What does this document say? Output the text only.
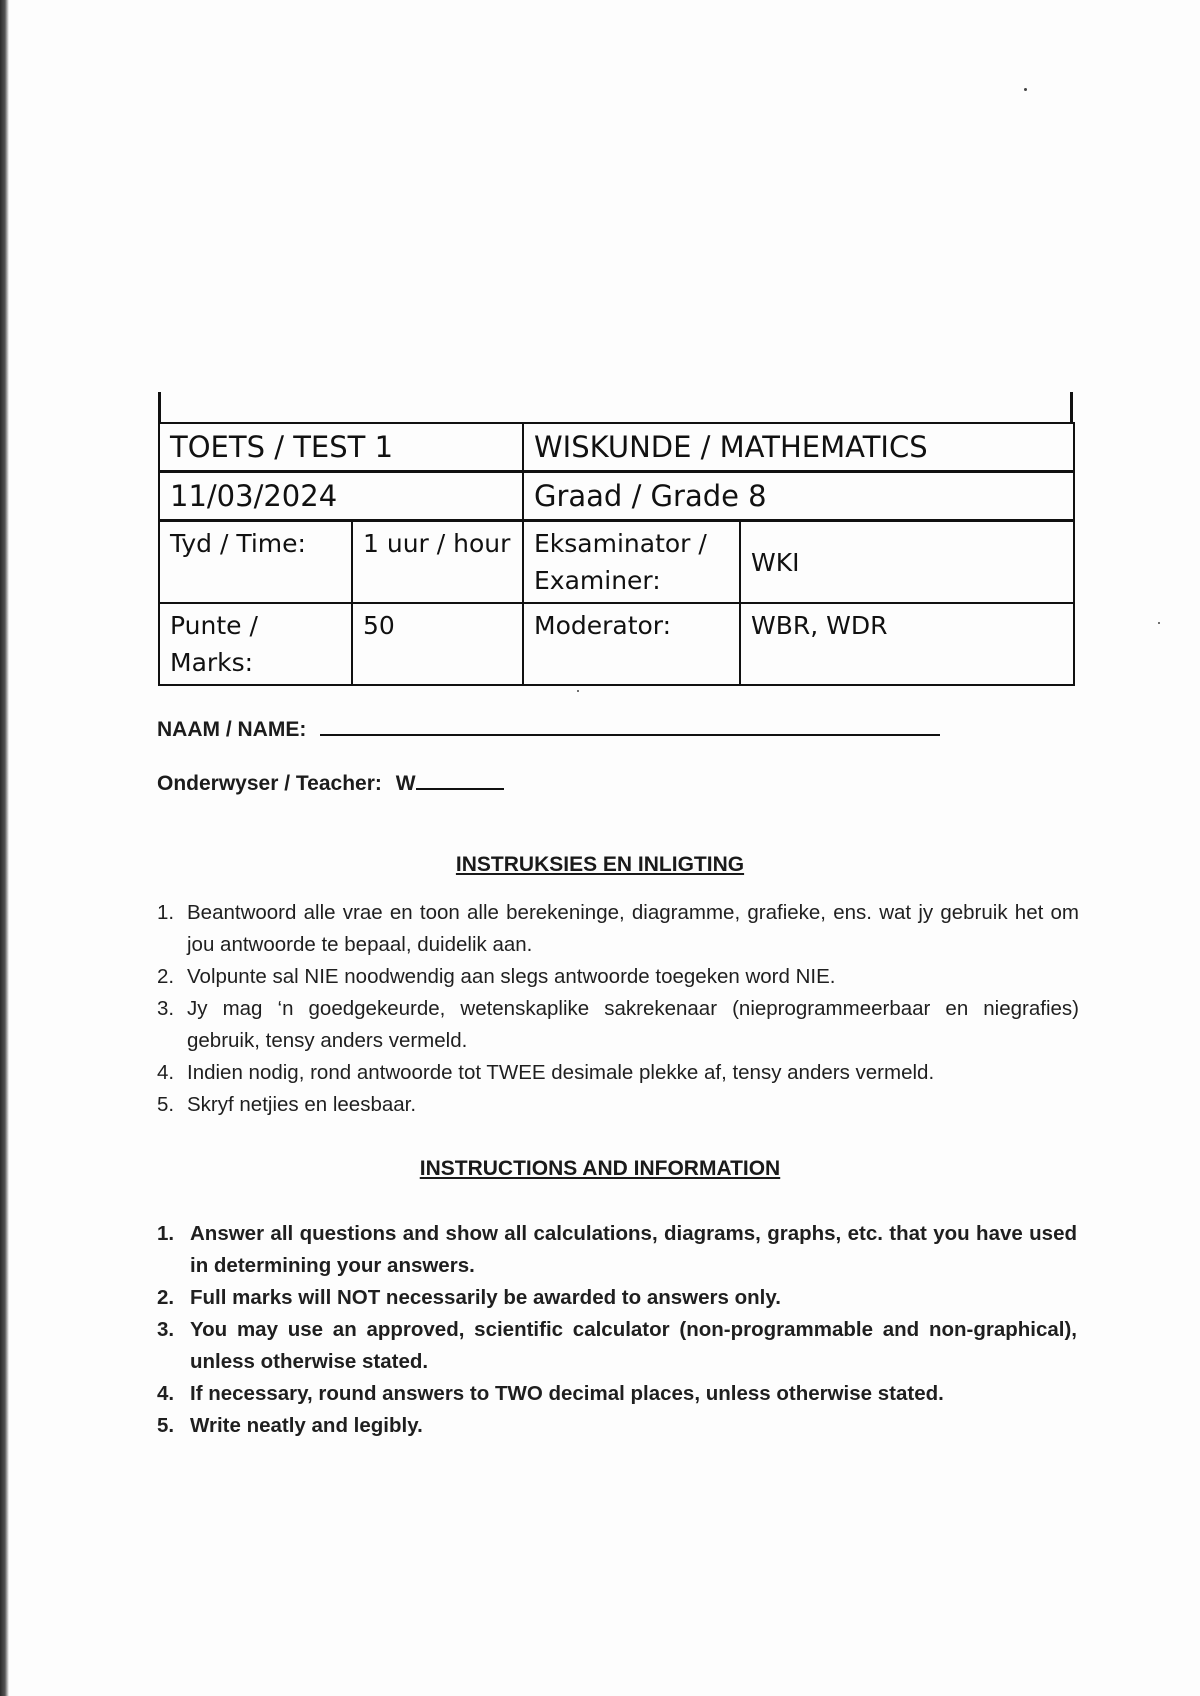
TOETS / TEST 1		WISKUNDE / MATHEMATICS	
11/03/2024		Graad / Grade 8	
Tyd / Time:	1 uur / hour	Eksaminator / Examiner:	WKI
Punte / Marks:	50	Moderator:	WBR, WDR
NAAM / NAME:
Onderwyser / Teacher: W
INSTRUKSIES EN INLIGTING
1. Beantwoord alle vrae en toon alle berekeninge, diagramme, grafieke, ens. wat jy gebruik het om jou antwoorde te bepaal, duidelik aan.
2. Volpunte sal NIE noodwendig aan slegs antwoorde toegeken word NIE.
3. Jy mag ‘n goedgekeurde, wetenskaplike sakrekenaar (nieprogrammeerbaar en niegrafies) gebruik, tensy anders vermeld.
4. Indien nodig, rond antwoorde tot TWEE desimale plekke af, tensy anders vermeld.
5. Skryf netjies en leesbaar.
INSTRUCTIONS AND INFORMATION
1. Answer all questions and show all calculations, diagrams, graphs, etc. that you have used in determining your answers.
2. Full marks will NOT necessarily be awarded to answers only.
3. You may use an approved, scientific calculator (non-programmable and non-graphical), unless otherwise stated.
4. If necessary, round answers to TWO decimal places, unless otherwise stated.
5. Write neatly and legibly.
